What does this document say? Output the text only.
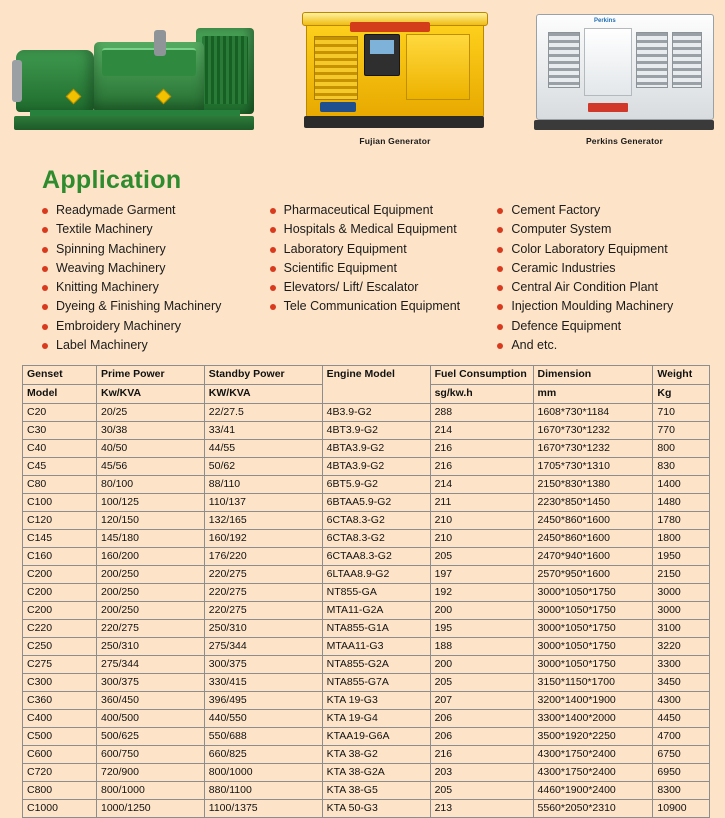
Fujian Generator
Perkins
Perkins Generator
Application
Readymade Garment
Textile Machinery
Spinning Machinery
Weaving Machinery
Knitting Machinery
Dyeing & Finishing Machinery
Embroidery Machinery
Label Machinery
Pharmaceutical Equipment
Hospitals & Medical Equipment
Laboratory Equipment
Scientific Equipment
Elevators/ Lift/ Escalator
Tele Communication Equipment
Cement Factory
Computer System
Color Laboratory Equipment
Ceramic Industries
Central Air Condition Plant
Injection Moulding Machinery
Defence Equipment
And etc.
Genset	Prime Power	Standby Power	Engine Model	Fuel Consumption	Dimension	Weight
Model	Kw/KVA	KW/KVA		sg/kw.h	mm	Kg
C20	20/25	22/27.5	4B3.9-G2	288	1608*730*1184	710
C30	30/38	33/41	4BT3.9-G2	214	1670*730*1232	770
C40	40/50	44/55	4BTA3.9-G2	216	1670*730*1232	800
C45	45/56	50/62	4BTA3.9-G2	216	1705*730*1310	830
C80	80/100	88/110	6BT5.9-G2	214	2150*830*1380	1400
C100	100/125	110/137	6BTAA5.9-G2	211	2230*850*1450	1480
C120	120/150	132/165	6CTA8.3-G2	210	2450*860*1600	1780
C145	145/180	160/192	6CTA8.3-G2	210	2450*860*1600	1800
C160	160/200	176/220	6CTAA8.3-G2	205	2470*940*1600	1950
C200	200/250	220/275	6LTAA8.9-G2	197	2570*950*1600	2150
C200	200/250	220/275	NT855-GA	192	3000*1050*1750	3000
C200	200/250	220/275	MTA11-G2A	200	3000*1050*1750	3000
C220	220/275	250/310	NTA855-G1A	195	3000*1050*1750	3100
C250	250/310	275/344	MTAA11-G3	188	3000*1050*1750	3220
C275	275/344	300/375	NTA855-G2A	200	3000*1050*1750	3300
C300	300/375	330/415	NTA855-G7A	205	3150*1150*1700	3450
C360	360/450	396/495	KTA 19-G3	207	3200*1400*1900	4300
C400	400/500	440/550	KTA 19-G4	206	3300*1400*2000	4450
C500	500/625	550/688	KTAA19-G6A	206	3500*1920*2250	4700
C600	600/750	660/825	KTA 38-G2	216	4300*1750*2400	6750
C720	720/900	800/1000	KTA 38-G2A	203	4300*1750*2400	6950
C800	800/1000	880/1100	KTA 38-G5	205	4460*1900*2400	8300
C1000	1000/1250	1100/1375	KTA 50-G3	213	5560*2050*2310	10900
